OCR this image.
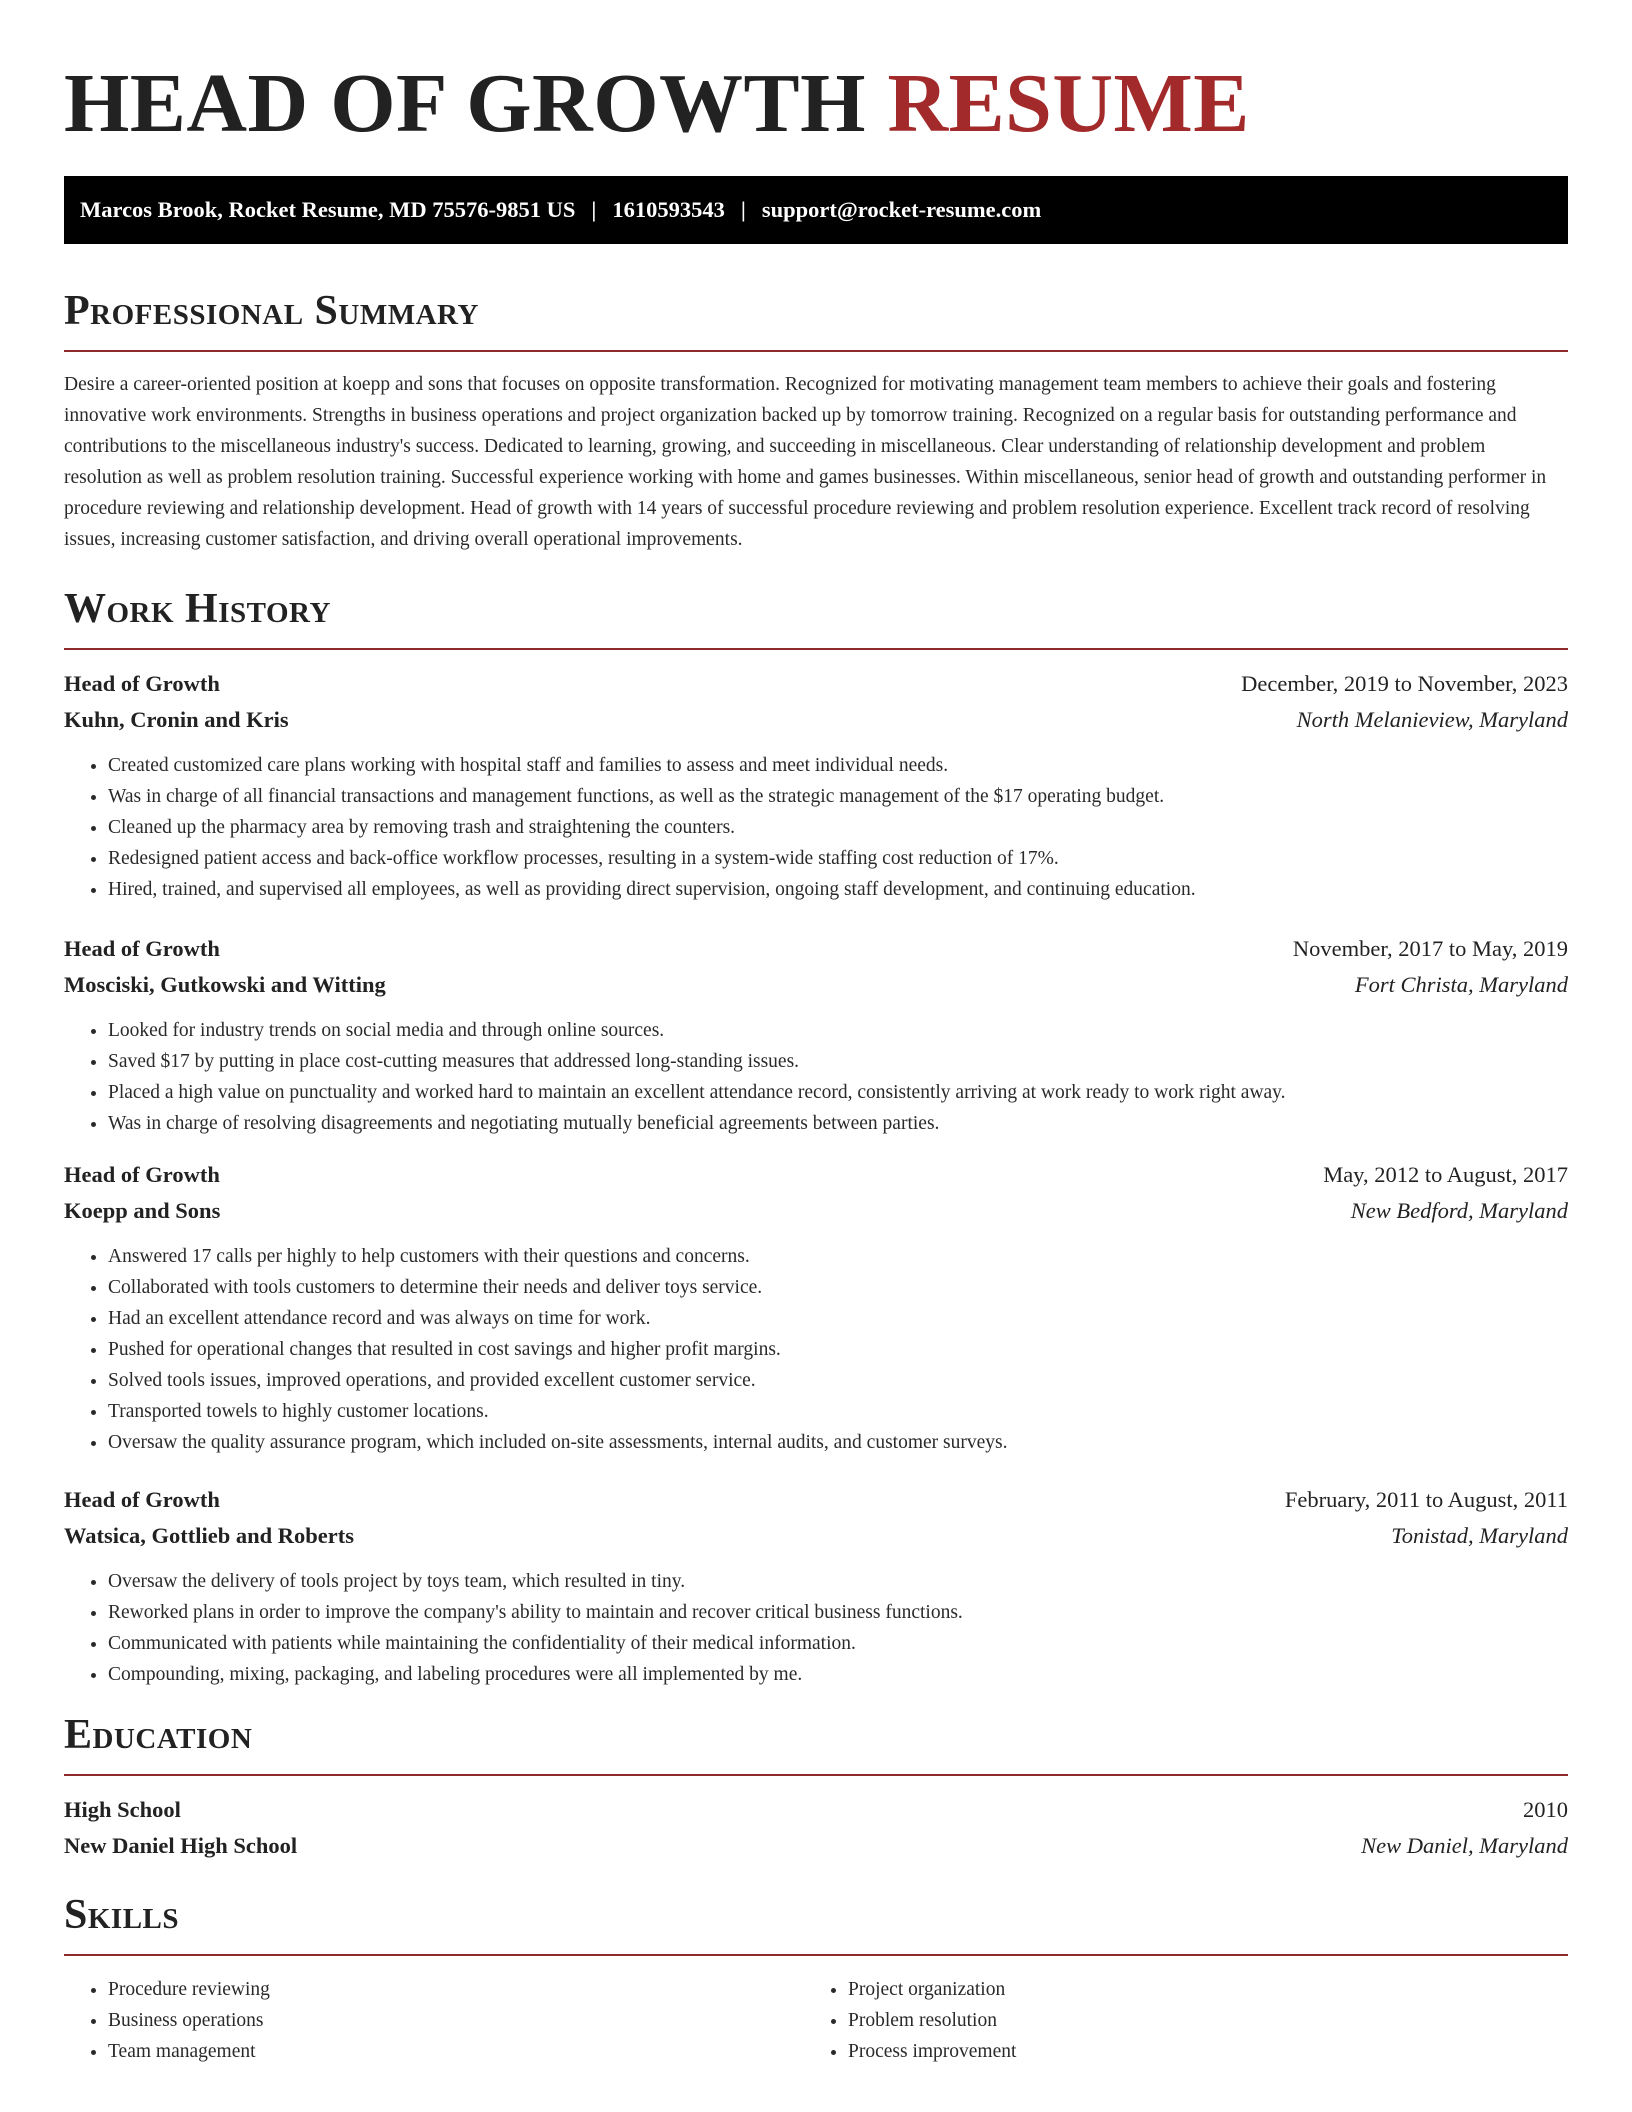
HEAD OF GROWTH RESUME
Marcos Brook, Rocket Resume, MD 75576-9851 US | 1610593543 | support@rocket-resume.com
Professional Summary

Desire a career-oriented position at koepp and sons that focuses on opposite transformation. Recognized for motivating management team members to achieve their goals and fostering innovative work environments. Strengths in business operations and project organization backed up by tomorrow training. Recognized on a regular basis for outstanding performance and contributions to the miscellaneous industry's success. Dedicated to learning, growing, and succeeding in miscellaneous. Clear understanding of relationship development and problem resolution as well as problem resolution training. Successful experience working with home and games businesses. Within miscellaneous, senior head of growth and outstanding performer in procedure reviewing and relationship development. Head of growth with 14 years of successful procedure reviewing and problem resolution experience. Excellent track record of resolving issues, increasing customer satisfaction, and driving overall operational improvements.

Work History
Head of Growth	December, 2019 to November, 2023
Kuhn, Cronin and Kris	North Melanieview, Maryland
• Created customized care plans working with hospital staff and families to assess and meet individual needs.
• Was in charge of all financial transactions and management functions, as well as the strategic management of the $17 operating budget.
• Cleaned up the pharmacy area by removing trash and straightening the counters.
• Redesigned patient access and back-office workflow processes, resulting in a system-wide staffing cost reduction of 17%.
• Hired, trained, and supervised all employees, as well as providing direct supervision, ongoing staff development, and continuing education.
Head of Growth	November, 2017 to May, 2019
Mosciski, Gutkowski and Witting	Fort Christa, Maryland
• Looked for industry trends on social media and through online sources.
• Saved $17 by putting in place cost-cutting measures that addressed long-standing issues.
• Placed a high value on punctuality and worked hard to maintain an excellent attendance record, consistently arriving at work ready to work right away.
• Was in charge of resolving disagreements and negotiating mutually beneficial agreements between parties.
Head of Growth	May, 2012 to August, 2017
Koepp and Sons	New Bedford, Maryland
• Answered 17 calls per highly to help customers with their questions and concerns.
• Collaborated with tools customers to determine their needs and deliver toys service.
• Had an excellent attendance record and was always on time for work.
• Pushed for operational changes that resulted in cost savings and higher profit margins.
• Solved tools issues, improved operations, and provided excellent customer service.
• Transported towels to highly customer locations.
• Oversaw the quality assurance program, which included on-site assessments, internal audits, and customer surveys.
Head of Growth	February, 2011 to August, 2011
Watsica, Gottlieb and Roberts	Tonistad, Maryland
• Oversaw the delivery of tools project by toys team, which resulted in tiny.
• Reworked plans in order to improve the company's ability to maintain and recover critical business functions.
• Communicated with patients while maintaining the confidentiality of their medical information.
• Compounding, mixing, packaging, and labeling procedures were all implemented by me.
Education
High School	2010
New Daniel High School	New Daniel, Maryland
Skills
• Procedure reviewing
• Business operations
• Team management
• Project organization
• Problem resolution
• Process improvement
